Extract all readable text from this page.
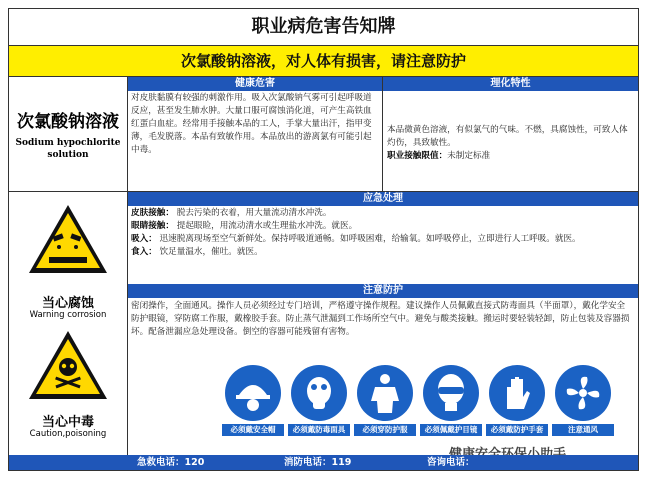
职业病危害告知牌
次氯酸钠溶液，对人体有损害，请注意防护
次氯酸钠溶液
Sodium hypochlorite
solution
健康危害
对皮肤黏膜有较强的刺激作用。吸入次氯酸钠气雾可引起呼吸道反应，甚至发生肺水肿。大量口服可腐蚀消化道，可产生高铁血红蛋白血症。经常用手接触本品的工人，手掌大量出汗，指甲变薄，毛发脱落。本品有致敏作用。本品放出的游离氯有可能引起中毒。
理化特性
本品微黄色溶液，有似氯气的气味。不燃，具腐蚀性，可致人体灼伤，具致敏性。
职业接触限值：未制定标准
应急处理
皮肤接触： 脱去污染的衣着，用大量流动清水冲洗。
眼睛接触： 提起眼睑，用流动清水或生理盐水冲洗。就医。
吸入： 迅速脱离现场至空气新鲜处。保持呼吸道通畅。如呼吸困难，给输氧。如呼吸停止，立即进行人工呼吸。就医。
食入： 饮足量温水，催吐。就医。
注意防护
密闭操作，全面通风。操作人员必须经过专门培训，严格遵守操作规程。建议操作人员佩戴直接式防毒面具（半面罩），戴化学安全防护眼镜，穿防腐工作服，戴橡胶手套。防止蒸气泄漏到工作场所空气中。避免与酸类接触。搬运时要轻装轻卸，防止包装及容器损坏。配备泄漏应急处理设备。倒空的容器可能残留有害物。
当心腐蚀
Warning corrosion
当心中毒
Caution,poisoning	必须戴安全帽	必须戴防毒面具	必须穿防护服	必须佩戴护目镜	必须戴防护手套	注意通风
急救电话：120	消防电话：119	咨询电话：
